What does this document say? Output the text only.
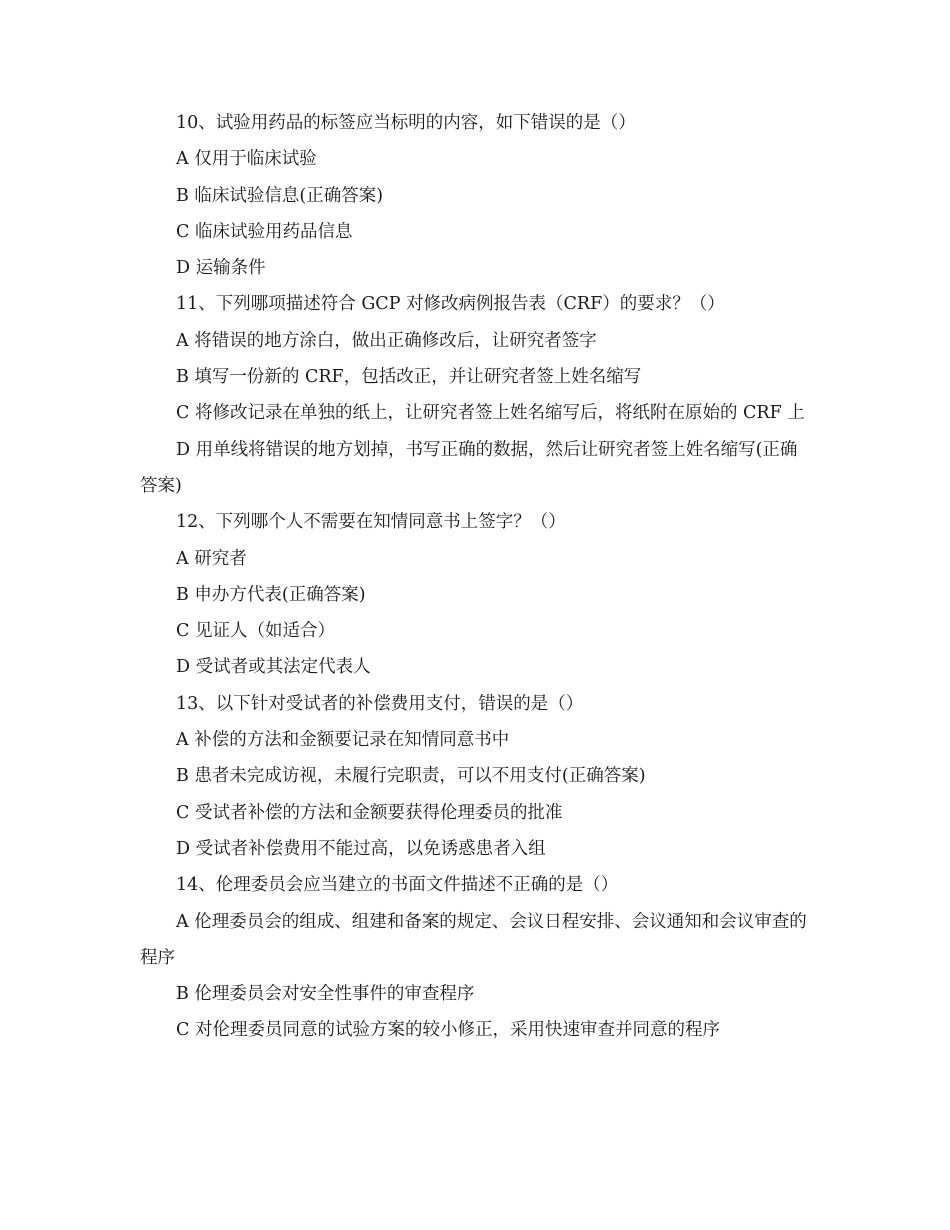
10、试验用药品的标签应当标明的内容，如下错误的是（）

A 仅用于临床试验

B 临床试验信息(正确答案)

C 临床试验用药品信息

D 运输条件

11、下列哪项描述符合 GCP 对修改病例报告表（CRF）的要求？（）

A 将错误的地方涂白，做出正确修改后，让研究者签字

B 填写一份新的 CRF，包括改正，并让研究者签上姓名缩写

C 将修改记录在单独的纸上，让研究者签上姓名缩写后，将纸附在原始的 CRF 上

D 用单线将错误的地方划掉，书写正确的数据，然后让研究者签上姓名缩写(正确答案)

12、下列哪个人不需要在知情同意书上签字？（）

A 研究者

B 申办方代表(正确答案)

C 见证人（如适合）

D 受试者或其法定代表人

13、以下针对受试者的补偿费用支付，错误的是（）

A 补偿的方法和金额要记录在知情同意书中

B 患者未完成访视，未履行完职责，可以不用支付(正确答案)

C 受试者补偿的方法和金额要获得伦理委员的批准

D 受试者补偿费用不能过高，以免诱惑患者入组

14、伦理委员会应当建立的书面文件描述不正确的是（）

A 伦理委员会的组成、组建和备案的规定、会议日程安排、会议通知和会议审查的程序

B 伦理委员会对安全性事件的审查程序

C 对伦理委员同意的试验方案的较小修正，采用快速审查并同意的程序
